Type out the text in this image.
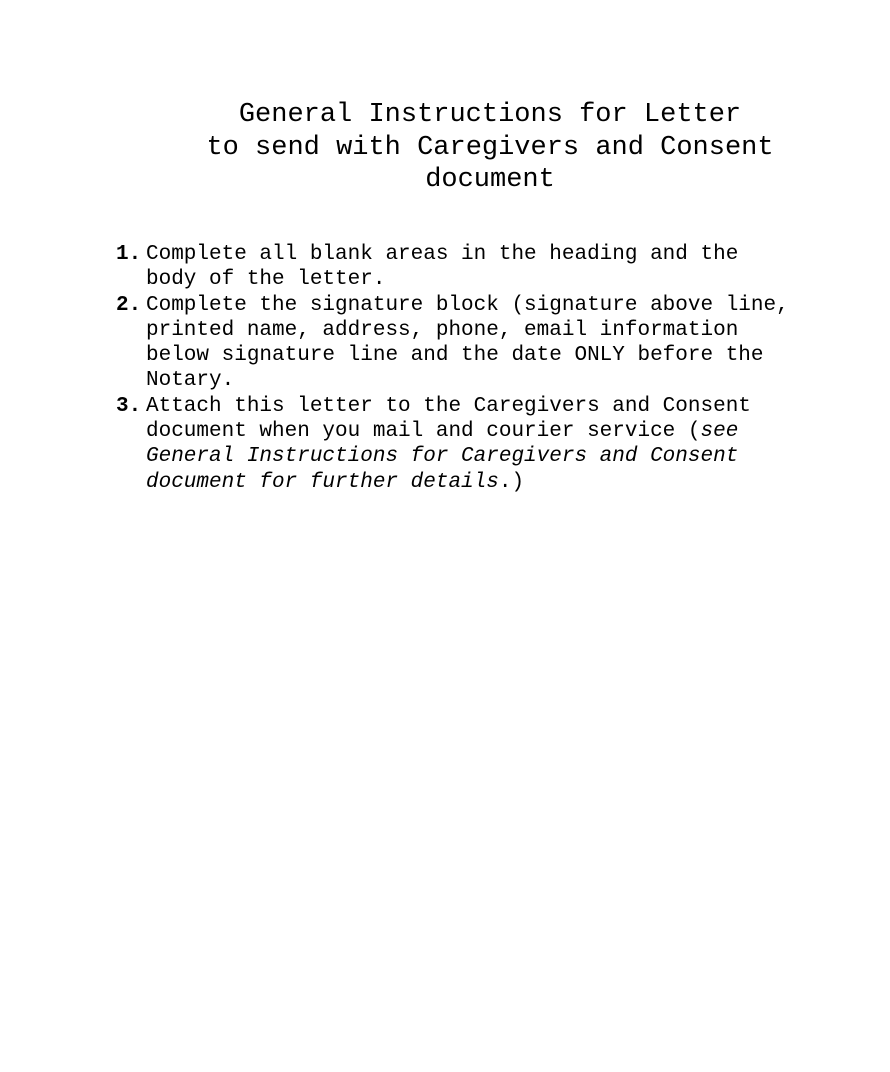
General Instructions for Letter
to send with Caregivers and Consent
document
1. Complete all blank areas in the heading and the
body of the letter.
2. Complete the signature block (signature above line,
printed name, address, phone, email information
below signature line and the date ONLY before the
Notary.
3. Attach this letter to the Caregivers and Consent
document when you mail and courier service (see
General Instructions for Caregivers and Consent
document for further details.)
